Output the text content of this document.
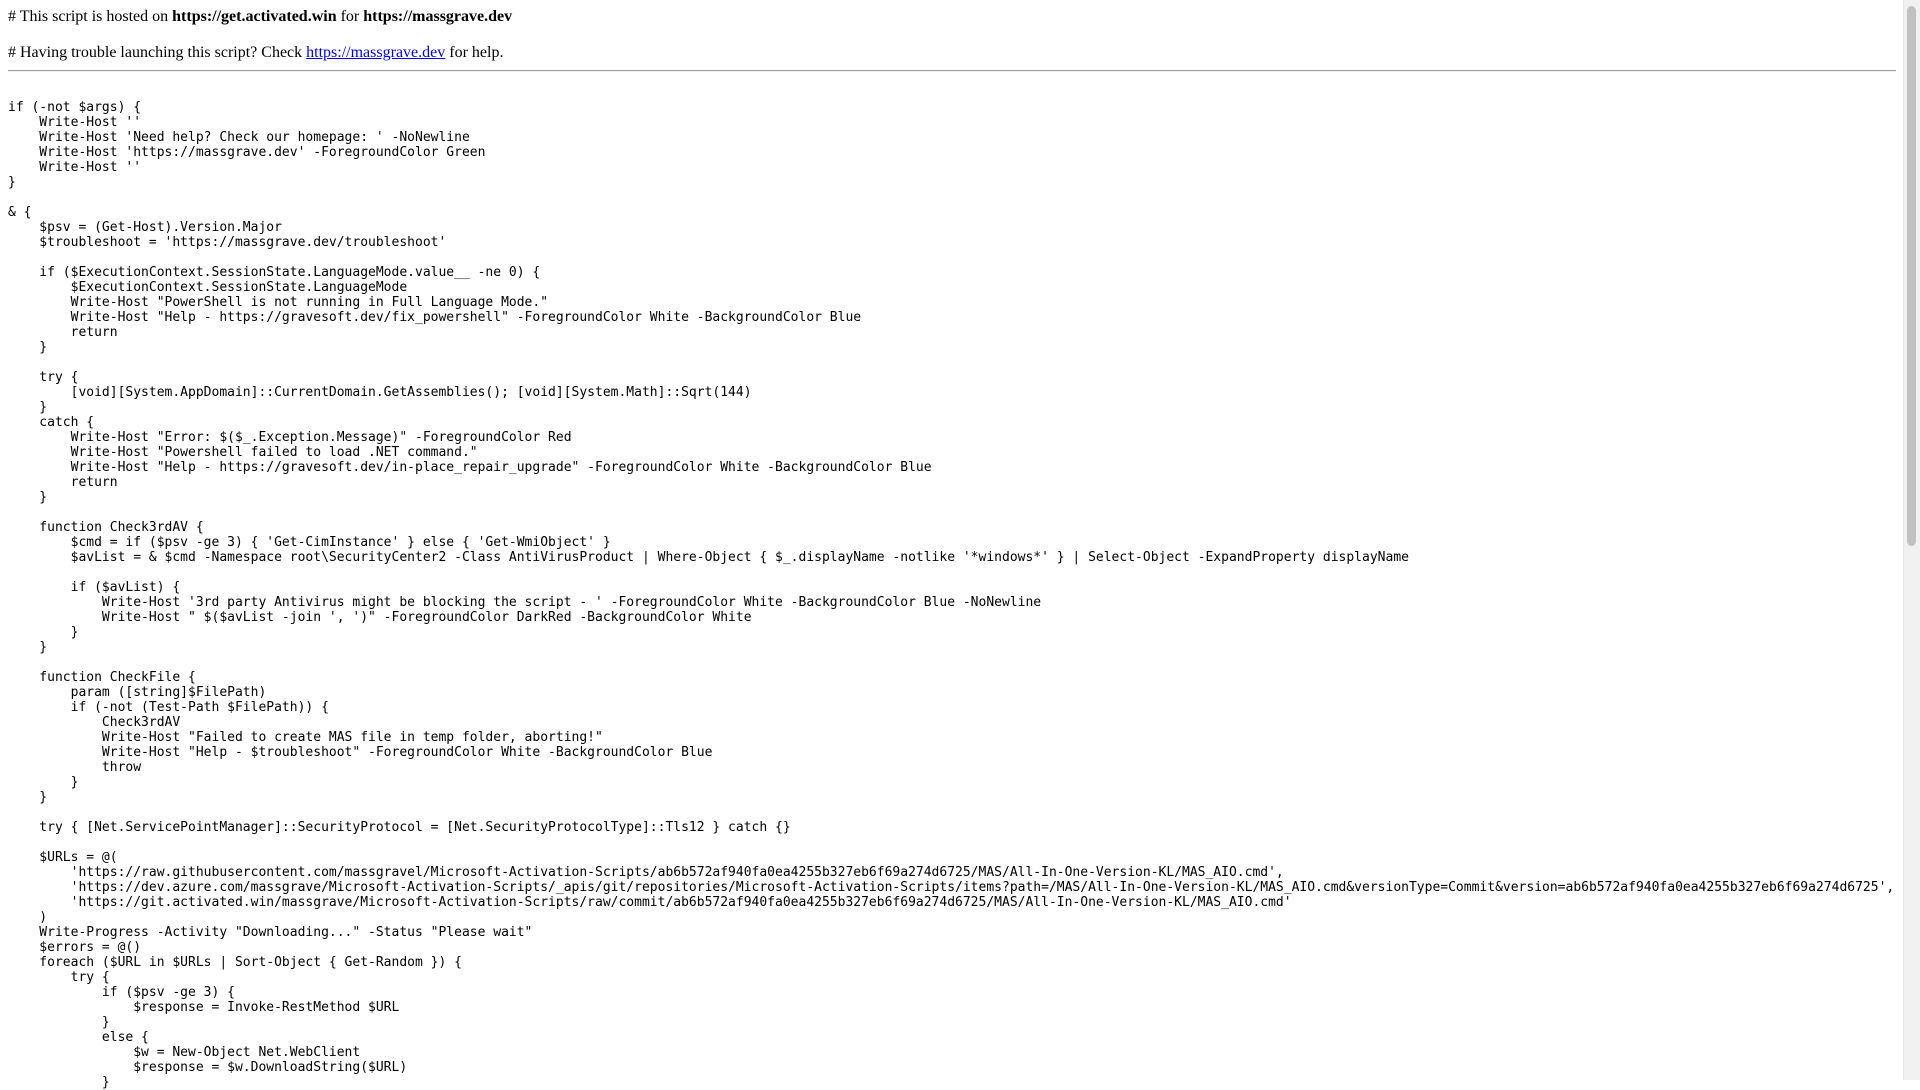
# This script is hosted on https://get.activated.win for https://massgrave.dev

# Having trouble launching this script? Check https://massgrave.dev for help.

if (-not $args) {
Write-Host ''
Write-Host 'Need help? Check our homepage: ' -NoNewline
Write-Host 'https://massgrave.dev' -ForegroundColor Green
Write-Host ''
}

& {
$psv = (Get-Host).Version.Major
$troubleshoot = 'https://massgrave.dev/troubleshoot'

if ($ExecutionContext.SessionState.LanguageMode.value__ -ne 0) {
$ExecutionContext.SessionState.LanguageMode
Write-Host "PowerShell is not running in Full Language Mode."
Write-Host "Help - https://gravesoft.dev/fix_powershell" -ForegroundColor White -BackgroundColor Blue
return
}

try {
[void][System.AppDomain]::CurrentDomain.GetAssemblies(); [void][System.Math]::Sqrt(144)
}
catch {
Write-Host "Error: $($_.Exception.Message)" -ForegroundColor Red
Write-Host "Powershell failed to load .NET command."
Write-Host "Help - https://gravesoft.dev/in-place_repair_upgrade" -ForegroundColor White -BackgroundColor Blue
return
}

function Check3rdAV {
$cmd = if ($psv -ge 3) { 'Get-CimInstance' } else { 'Get-WmiObject' }
$avList = & $cmd -Namespace root\SecurityCenter2 -Class AntiVirusProduct | Where-Object { $_.displayName -notlike '*windows*' } | Select-Object -ExpandProperty displayName

if ($avList) {
Write-Host '3rd party Antivirus might be blocking the script - ' -ForegroundColor White -BackgroundColor Blue -NoNewline
Write-Host " $($avList -join ', ')" -ForegroundColor DarkRed -BackgroundColor White
}
}

function CheckFile {
param ([string]$FilePath)
if (-not (Test-Path $FilePath)) {
Check3rdAV
Write-Host "Failed to create MAS file in temp folder, aborting!"
Write-Host "Help - $troubleshoot" -ForegroundColor White -BackgroundColor Blue
throw
}
}

try { [Net.ServicePointManager]::SecurityProtocol = [Net.SecurityProtocolType]::Tls12 } catch {}

$URLs = @(
'https://raw.githubusercontent.com/massgravel/Microsoft-Activation-Scripts/ab6b572af940fa0ea4255b327eb6f69a274d6725/MAS/All-In-One-Version-KL/MAS_AIO.cmd',
'https://dev.azure.com/massgrave/Microsoft-Activation-Scripts/_apis/git/repositories/Microsoft-Activation-Scripts/items?path=/MAS/All-In-One-Version-KL/MAS_AIO.cmd&versionType=Commit&version=ab6b572af940fa0ea4255b327eb6f69a274d6725',
'https://git.activated.win/massgrave/Microsoft-Activation-Scripts/raw/commit/ab6b572af940fa0ea4255b327eb6f69a274d6725/MAS/All-In-One-Version-KL/MAS_AIO.cmd'
)
Write-Progress -Activity "Downloading..." -Status "Please wait"
$errors = @()
foreach ($URL in $URLs | Sort-Object { Get-Random }) {
try {
if ($psv -ge 3) {
$response = Invoke-RestMethod $URL
}
else {
$w = New-Object Net.WebClient
$response = $w.DownloadString($URL)
}
